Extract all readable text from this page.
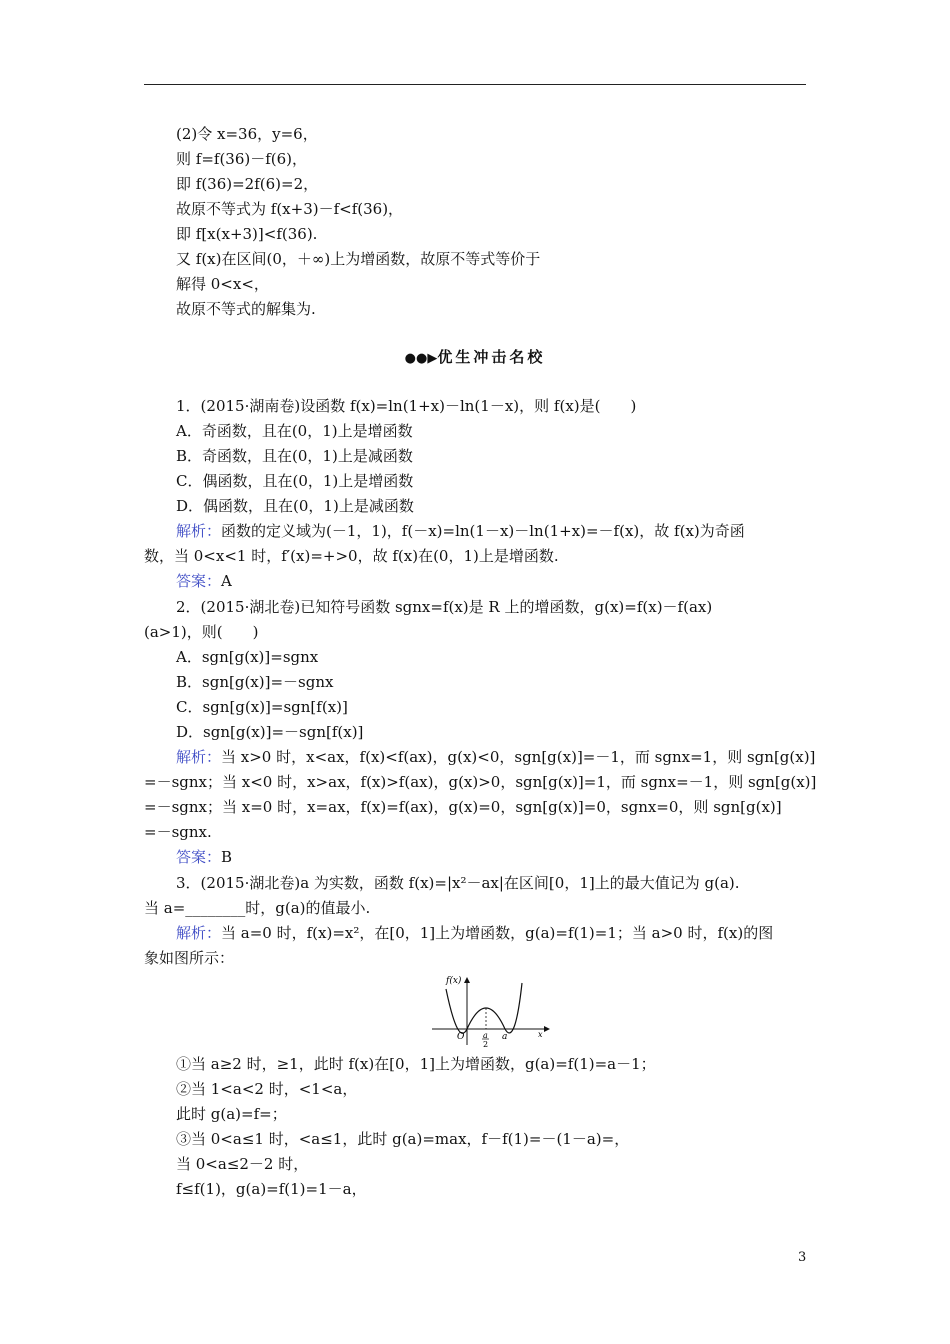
(2)令 x=36，y=6，
则 f=f(36)－f(6)，
即 f(36)=2f(6)=2，
故原不等式为 f(x+3)－f<f(36)，
即 f[x(x+3)]<f(36).
又 f(x)在区间(0，＋∞)上为增函数，故原不等式等价于
解得 0<x<，
故原不等式的解集为.
●●▶优生冲击名校
1．(2015·湖南卷)设函数 f(x)=ln(1+x)－ln(1－x)，则 f(x)是(　　)
A．奇函数，且在(0，1)上是增函数
B．奇函数，且在(0，1)上是减函数
C．偶函数，且在(0，1)上是增函数
D．偶函数，且在(0，1)上是减函数
解析：函数的定义域为(－1，1)，f(－x)=ln(1－x)－ln(1+x)=－f(x)，故 f(x)为奇函
数，当 0<x<1 时，f′(x)=+>0，故 f(x)在(0，1)上是增函数.
答案：A
2．(2015·湖北卷)已知符号函数 sgnx=f(x)是 R 上的增函数，g(x)=f(x)－f(ax)
(a>1)，则(　　)
A．sgn[g(x)]=sgnx
B．sgn[g(x)]=－sgnx
C．sgn[g(x)]=sgn[f(x)]
D．sgn[g(x)]=－sgn[f(x)]
解析：当 x>0 时，x<ax，f(x)<f(ax)，g(x)<0，sgn[g(x)]=－1，而 sgnx=1，则 sgn[g(x)]
=－sgnx；当 x<0 时，x>ax，f(x)>f(ax)，g(x)>0，sgn[g(x)]=1，而 sgnx=－1，则 sgn[g(x)]
=－sgnx；当 x=0 时，x=ax，f(x)=f(ax)，g(x)=0，sgn[g(x)]=0，sgnx=0，则 sgn[g(x)]
=－sgnx.
答案：B
3．(2015·湖北卷)a 为实数，函数 f(x)=|x²－ax|在区间[0，1]上的最大值记为 g(a).
当 a=________时，g(a)的值最小.
解析：当 a=0 时，f(x)=x²，在[0，1]上为增函数，g(a)=f(1)=1；当 a>0 时，f(x)的图
象如图所示：
f(x)
O a
2
a	x
①当 a≥2 时，≥1，此时 f(x)在[0，1]上为增函数，g(a)=f(1)=a－1；
②当 1<a<2 时，<1<a，
此时 g(a)=f=；
③当 0<a≤1 时，<a≤1，此时 g(a)=max，f－f(1)=－(1－a)=，
当 0<a≤2－2 时，
f≤f(1)，g(a)=f(1)=1－a，
3
